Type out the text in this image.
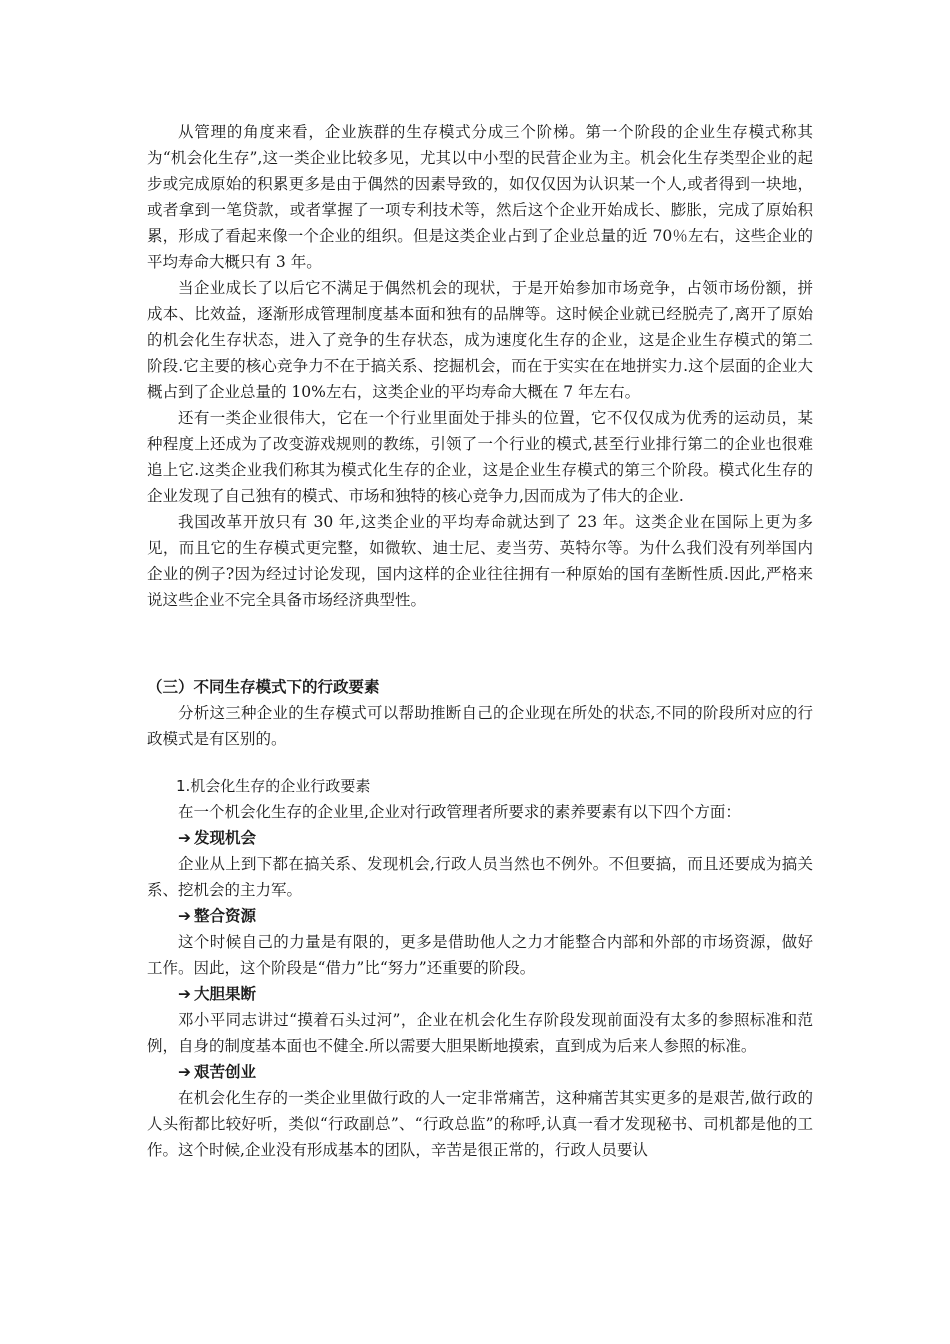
从管理的角度来看，企业族群的生存模式分成三个阶梯。第一个阶段的企业生存模式称其为“机会化生存”,这一类企业比较多见，尤其以中小型的民营企业为主。机会化生存类型企业的起步或完成原始的积累更多是由于偶然的因素导致的，如仅仅因为认识某一个人,或者得到一块地，或者拿到一笔贷款，或者掌握了一项专利技术等，然后这个企业开始成长、膨胀，完成了原始积累，形成了看起来像一个企业的组织。但是这类企业占到了企业总量的近 70％左右，这些企业的平均寿命大概只有 3 年。

当企业成长了以后它不满足于偶然机会的现状，于是开始参加市场竞争，占领市场份额，拼成本、比效益，逐渐形成管理制度基本面和独有的品牌等。这时候企业就已经脱壳了,离开了原始的机会化生存状态，进入了竞争的生存状态，成为速度化生存的企业，这是企业生存模式的第二阶段.它主要的核心竞争力不在于搞关系、挖掘机会，而在于实实在在地拼实力.这个层面的企业大概占到了企业总量的 10%左右，这类企业的平均寿命大概在 7 年左右。

还有一类企业很伟大，它在一个行业里面处于排头的位置，它不仅仅成为优秀的运动员，某种程度上还成为了改变游戏规则的教练，引领了一个行业的模式,甚至行业排行第二的企业也很难追上它.这类企业我们称其为模式化生存的企业，这是企业生存模式的第三个阶段。模式化生存的企业发现了自己独有的模式、市场和独特的核心竞争力,因而成为了伟大的企业.

我国改革开放只有 30 年,这类企业的平均寿命就达到了 23 年。这类企业在国际上更为多见，而且它的生存模式更完整，如微软、迪士尼、麦当劳、英特尔等。为什么我们没有列举国内企业的例子?因为经过讨论发现，国内这样的企业往往拥有一种原始的国有垄断性质.因此,严格来说这些企业不完全具备市场经济典型性。

（三）不同生存模式下的行政要素

分析这三种企业的生存模式可以帮助推断自己的企业现在所处的状态,不同的阶段所对应的行政模式是有区别的。

1.机会化生存的企业行政要素

在一个机会化生存的企业里,企业对行政管理者所要求的素养要素有以下四个方面：

➔ 发现机会

企业从上到下都在搞关系、发现机会,行政人员当然也不例外。不但要搞，而且还要成为搞关系、挖机会的主力军。

➔ 整合资源

这个时候自己的力量是有限的，更多是借助他人之力才能整合内部和外部的市场资源，做好工作。因此，这个阶段是“借力”比“努力”还重要的阶段。

➔ 大胆果断

邓小平同志讲过“摸着石头过河”，企业在机会化生存阶段发现前面没有太多的参照标准和范例，自身的制度基本面也不健全.所以需要大胆果断地摸索，直到成为后来人参照的标准。

➔ 艰苦创业

在机会化生存的一类企业里做行政的人一定非常痛苦，这种痛苦其实更多的是艰苦,做行政的人头衔都比较好听，类似“行政副总”、“行政总监”的称呼,认真一看才发现秘书、司机都是他的工作。这个时候,企业没有形成基本的团队，辛苦是很正常的，行政人员要认
